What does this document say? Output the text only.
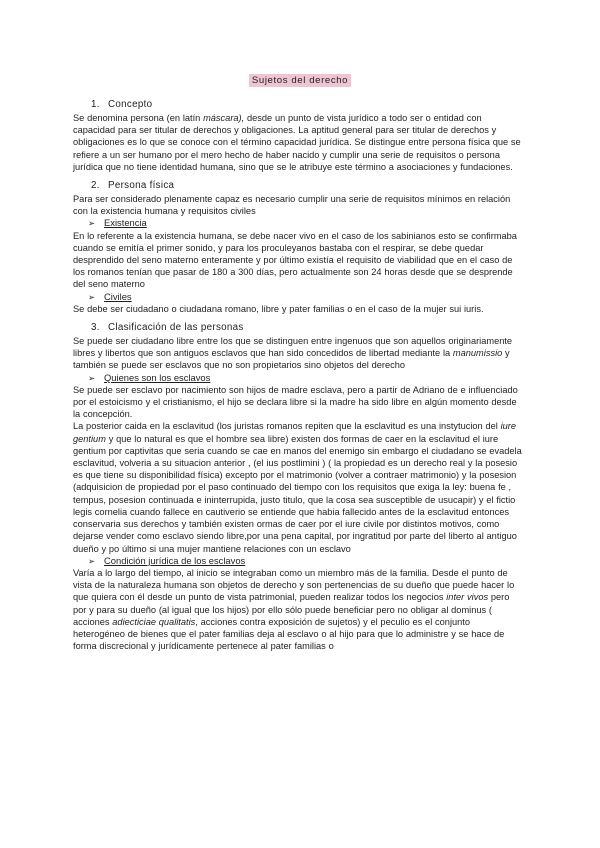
Sujetos del derecho
1. Concepto

Se denomina persona (en latín máscara), desde un punto de vista jurídico a todo ser o entidad con capacidad para ser titular de derechos y obligaciones. La aptitud general para ser titular de derechos y obligaciones es lo que se conoce con el término capacidad jurídica. Se distingue entre persona física que se refiere a un ser humano por el mero hecho de haber nacido y cumplir una serie de requisitos o persona jurídica que no tiene identidad humana, sino que se le atribuye este término a asociaciones y fundaciones.

2. Persona física

Para ser considerado plenamente capaz es necesario cumplir una serie de requisitos mínimos en relación con la existencia humana y requisitos civiles

➢ Existencia

En lo referente a la existencia humana, se debe nacer vivo en el caso de los sabinianos esto se confirmaba cuando se emitía el primer sonido, y para los proculeyanos bastaba con el respirar, se debe quedar desprendido del seno materno enteramente y por último existía el requisito de viabilidad que en el caso de los romanos tenían que pasar de 180 a 300 días, pero actualmente son 24 horas desde que se desprende del seno materno

➢ Civiles

Se debe ser ciudadano o ciudadana romano, libre y pater familias o en el caso de la mujer sui iuris.

3. Clasificación de las personas

Se puede ser ciudadano libre entre los que se distinguen entre ingenuos que son aquellos originariamente libres y libertos que son antiguos esclavos que han sido concedidos de libertad mediante la manumissio y también se puede ser esclavos que no son propietarios sino objetos del derecho

➢ Quienes son los esclavos

Se puede ser esclavo por nacimiento son hijos de madre esclava, pero a partir de Adriano de e influenciado por el estoicismo y el cristianismo, el hijo se declara libre si la madre ha sido libre en algún momento desde la concepción.

La posterior caida en la esclavitud (los juristas romanos repiten que la esclavitud es una instytucion del iure gentium y que lo natural es que el hombre sea libre) existen dos formas de caer en la esclavitud el iure gentium por captivitas que seria cuando se cae en manos del enemigo sin embargo el ciudadano se evadela esclavitud, volveria a su situacion anterior , (el ius postlimini ) ( la propiedad es un derecho real y la posesio es que tiene su disponibilidad física) excepto por el matrimonio (volver a contraer matrimonio) y la posesion (adquisicion de propiedad por el paso continuado del tiempo con los requisitos que exiga la ley: buena fe , tempus, posesion continuada e ininterrupida, justo titulo, que la cosa sea susceptible de usucapir) y el fictio legis cornelia cuando fallece en cautiverio se entiende que habia fallecido antes de la esclavitud entonces conservaria sus derechos y también existen ormas de caer por el iure civile por distintos motivos, como dejarse vender como esclavo siendo libre,por una pena capital, por ingratitud por parte del liberto al antiguo dueño y po último si una mujer mantiene relaciones con un esclavo

➢ Condición jurídica de los esclavos

Varía a lo largo del tiempo, al inicio se integraban como un miembro más de la familia. Desde el punto de vista de la naturaleza humana son objetos de derecho y son pertenencias de su dueño que puede hacer lo que quiera con él desde un punto de vista patrimonial, pueden realizar todos los negocios inter vivos pero por y para su dueño (al igual que los hijos) por ello sólo puede beneficiar pero no obligar al dominus ( acciones adiecticiae qualitatis, acciones contra exposición de sujetos) y el peculio es el conjunto heterogéneo de bienes que el pater familias deja al esclavo o al hijo para que lo administre y se hace de forma discrecional y jurídicamente pertenece al pater familias o
